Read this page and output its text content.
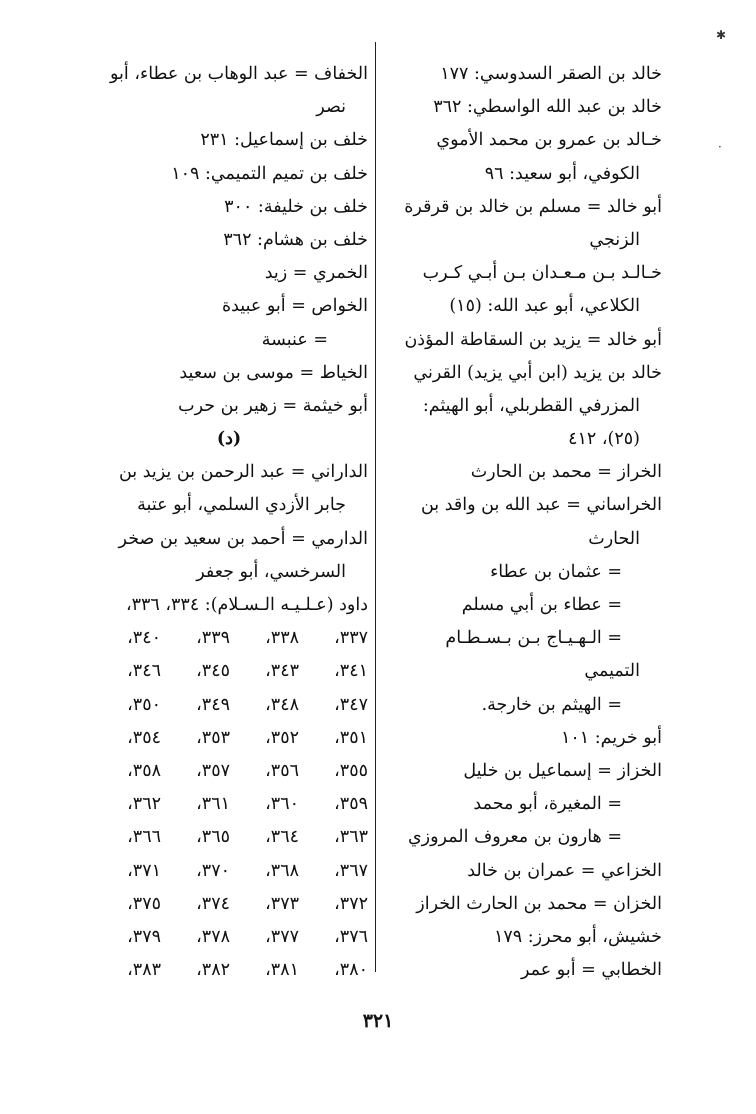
✱
·
خالد بن الصقر السدوسي: ١٧٧
خالد بن عبد الله الواسطي: ٣٦٢
خـالد بن عمرو بن محمد الأموي
الكوفي، أبو سعيد: ٩٦
أبو خالد = مسلم بن خالد بن قرقرة
الزنجي
خـالـد بـن مـعـدان بـن أبـي كـرب
الكلاعي، أبو عبد الله: (١٥)
أبو خالد = يزيد بن السقاطة المؤذن
خالد بن يزيد (ابن أبي يزيد) القرني
المزرفي القطربلي، أبو الهيثم:
(٢٥)، ٤١٢
الخراز = محمد بن الحارث
الخراساني = عبد الله بن واقد بن
الحارث
= عثمان بن عطاء
= عطاء بن أبي مسلم
= الـهـيـاج بـن بـسـطـام
التميمي
= الهيثم بن خارجة.
أبو خريم: ١٠١
الخزاز = إسماعيل بن خليل
= المغيرة، أبو محمد
= هارون بن معروف المروزي
الخزاعي = عمران بن خالد
الخزان = محمد بن الحارث الخراز
خشيش، أبو محرز: ١٧٩
الخطابي = أبو عمر
الخفاف = عبد الوهاب بن عطاء، أبو
نصر
خلف بن إسماعيل: ٢٣١
خلف بن تميم التميمي: ١٠٩
خلف بن خليفة: ٣٠٠
خلف بن هشام: ٣٦٢
الخمري = زيد
الخواص = أبو عبيدة
= عنبسة
الخياط = موسى بن سعيد
أبو خيثمة = زهير بن حرب
(د)
الداراني = عبد الرحمن بن يزيد بن
جابر الأزدي السلمي، أبو عتبة
الدارمي = أحمد بن سعيد بن صخر
السرخسي، أبو جعفر
داود (عـلـيـه الـسـلام): ٣٣٤، ٣٣٦،
٣٣٧،
٣٣٨،
٣٣٩،
٣٤٠،
٣٤١،
٣٤٣،
٣٤٥،
٣٤٦،
٣٤٧،
٣٤٨،
٣٤٩،
٣٥٠،
٣٥١،
٣٥٢،
٣٥٣،
٣٥٤،
٣٥٥،
٣٥٦،
٣٥٧،
٣٥٨،
٣٥٩،
٣٦٠،
٣٦١،
٣٦٢،
٣٦٣،
٣٦٤،
٣٦٥،
٣٦٦،
٣٦٧،
٣٦٨،
٣٧٠،
٣٧١،
٣٧٢،
٣٧٣،
٣٧٤،
٣٧٥،
٣٧٦،
٣٧٧،
٣٧٨،
٣٧٩،
٣٨٠،
٣٨١،
٣٨٢،
٣٨٣،
٣٢١
